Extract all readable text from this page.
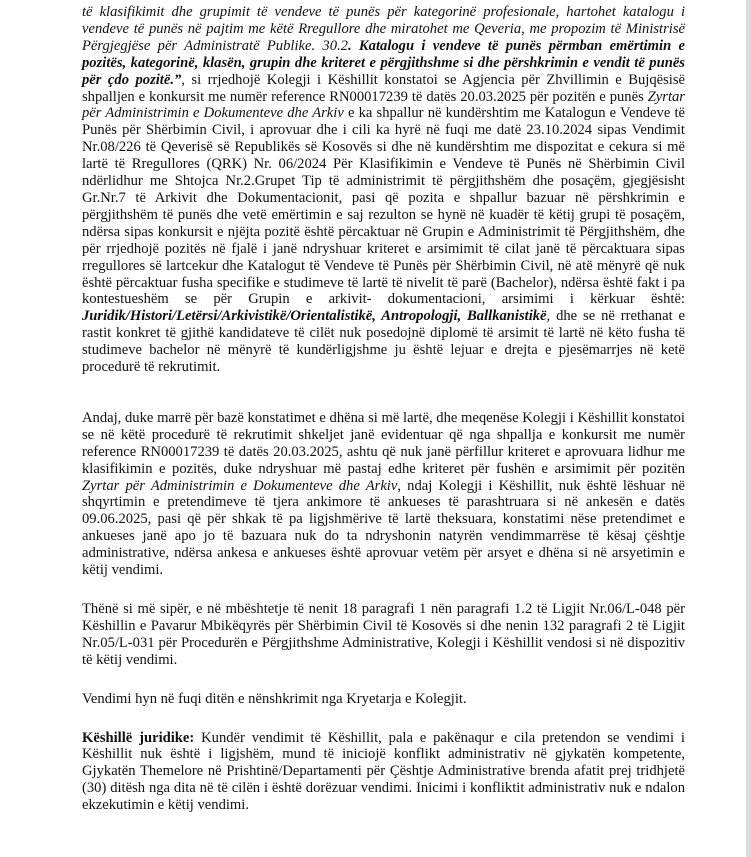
të klasifikimit dhe grupimit të vendeve të punës për kategorinë profesionale, hartohet katalogu i vendeve të punës në pajtim me këtë Rregullore dhe miratohet me Qeveria, me propozim të Ministrisë Përgjegjëse për Administratë Publike. 30.2. Katalogu i vendeve të punës përmban emërtimin e pozitës, kategorinë, klasën, grupin dhe kriteret e përgjithshme si dhe përshkrimin e vendit të punës për çdo pozitë.”, si rrjedhojë Kolegji i Këshillit konstatoi se Agjencia për Zhvillimin e Bujqësisë shpalljen e konkursit me numër reference RN00017239 të datës 20.03.2025 për pozitën e punës Zyrtar për Administrimin e Dokumenteve dhe Arkiv e ka shpallur në kundërshtim me Katalogun e Vendeve të Punës për Shërbimin Civil, i aprovuar dhe i cili ka hyrë në fuqi me datë 23.10.2024 sipas Vendimit Nr.08/226 të Qeverisë së Republikës së Kosovës si dhe në kundërshtim me dispozitat e cekura si më lartë të Rregullores (QRK) Nr. 06/2024 Për Klasifikimin e Vendeve të Punës në Shërbimin Civil ndërlidhur me Shtojca Nr.2.Grupet Tip të administrimit të përgjithshëm dhe posaçëm, gjegjësisht Gr.Nr.7 të Arkivit dhe Dokumentacionit, pasi që pozita e shpallur bazuar në përshkrimin e përgjithshëm të punës dhe vetë emërtimin e saj rezulton se hynë në kuadër të këtij grupi të posaçëm, ndërsa sipas konkursit e njëjta pozitë është përcaktuar në Grupin e Administrimit të Përgjithshëm, dhe për rrjedhojë pozitës në fjalë i janë ndryshuar kriteret e arsimimit të cilat janë të përcaktuara sipas rregullores së lartcekur dhe Katalogut të Vendeve të Punës për Shërbimin Civil, në atë mënyrë që nuk është përcaktuar fusha specifike e studimeve të lartë të nivelit të parë (Bachelor), ndërsa është fakt i pa kontestueshëm se për Grupin e arkivit- dokumentacioni, arsimimi i kërkuar është: Juridik/Histori/Letërsi/Arkivistikë/Orientalistikë, Antropologji, Ballkanistikë, dhe se në rrethanat e rastit konkret të gjithë kandidateve të cilët nuk posedojnë diplomë të arsimit të lartë në këto fusha të studimeve bachelor në mënyrë të kundërligjshme ju është lejuar e drejta e pjesëmarrjes në ketë procedurë të rekrutimit.

Andaj, duke marrë për bazë konstatimet e dhëna si më lartë, dhe meqenëse Kolegji i Këshillit konstatoi se në këtë procedurë të rekrutimit shkeljet janë evidentuar që nga shpallja e konkursit me numër reference RN00017239 të datës 20.03.2025, ashtu që nuk janë përfillur kriteret e aprovuara lidhur me klasifikimin e pozitës, duke ndryshuar më pastaj edhe kriteret për fushën e arsimimit për pozitën Zyrtar për Administrimin e Dokumenteve dhe Arkiv, ndaj Kolegji i Këshillit, nuk është lëshuar në shqyrtimin e pretendimeve të tjera ankimore të ankueses të parashtruara si në ankesën e datës 09.06.2025, pasi që për shkak të pa ligjshmërive të lartë theksuara, konstatimi nëse pretendimet e ankueses janë apo jo të bazuara nuk do ta ndryshonin natyrën vendimmarrëse të kësaj çështje administrative, ndërsa ankesa e ankueses është aprovuar vetëm për arsyet e dhëna si në arsyetimin e këtij vendimi.

Thënë si më sipër, e në mbështetje të nenit 18 paragrafi 1 nën paragrafi 1.2 të Ligjit Nr.06/L-048 për Këshillin e Pavarur Mbikëqyrës për Shërbimin Civil të Kosovës si dhe nenin 132 paragrafi 2 të Ligjit Nr.05/L-031 për Procedurën e Përgjithshme Administrative, Kolegji i Këshillit vendosi si në dispozitiv të këtij vendimi.

Vendimi hyn në fuqi ditën e nënshkrimit nga Kryetarja e Kolegjit.

Këshillë juridike: Kundër vendimit të Këshillit, pala e pakënaqur e cila pretendon se vendimi i Këshillit nuk është i ligjshëm, mund të iniciojë konflikt administrativ në gjykatën kompetente, Gjykatën Themelore në Prishtinë/Departamenti për Çështje Administrative brenda afatit prej tridhjetë (30) ditësh nga dita në të cilën i është dorëzuar vendimi. Inicimi i konfliktit administrativ nuk e ndalon ekzekutimin e këtij vendimi.
